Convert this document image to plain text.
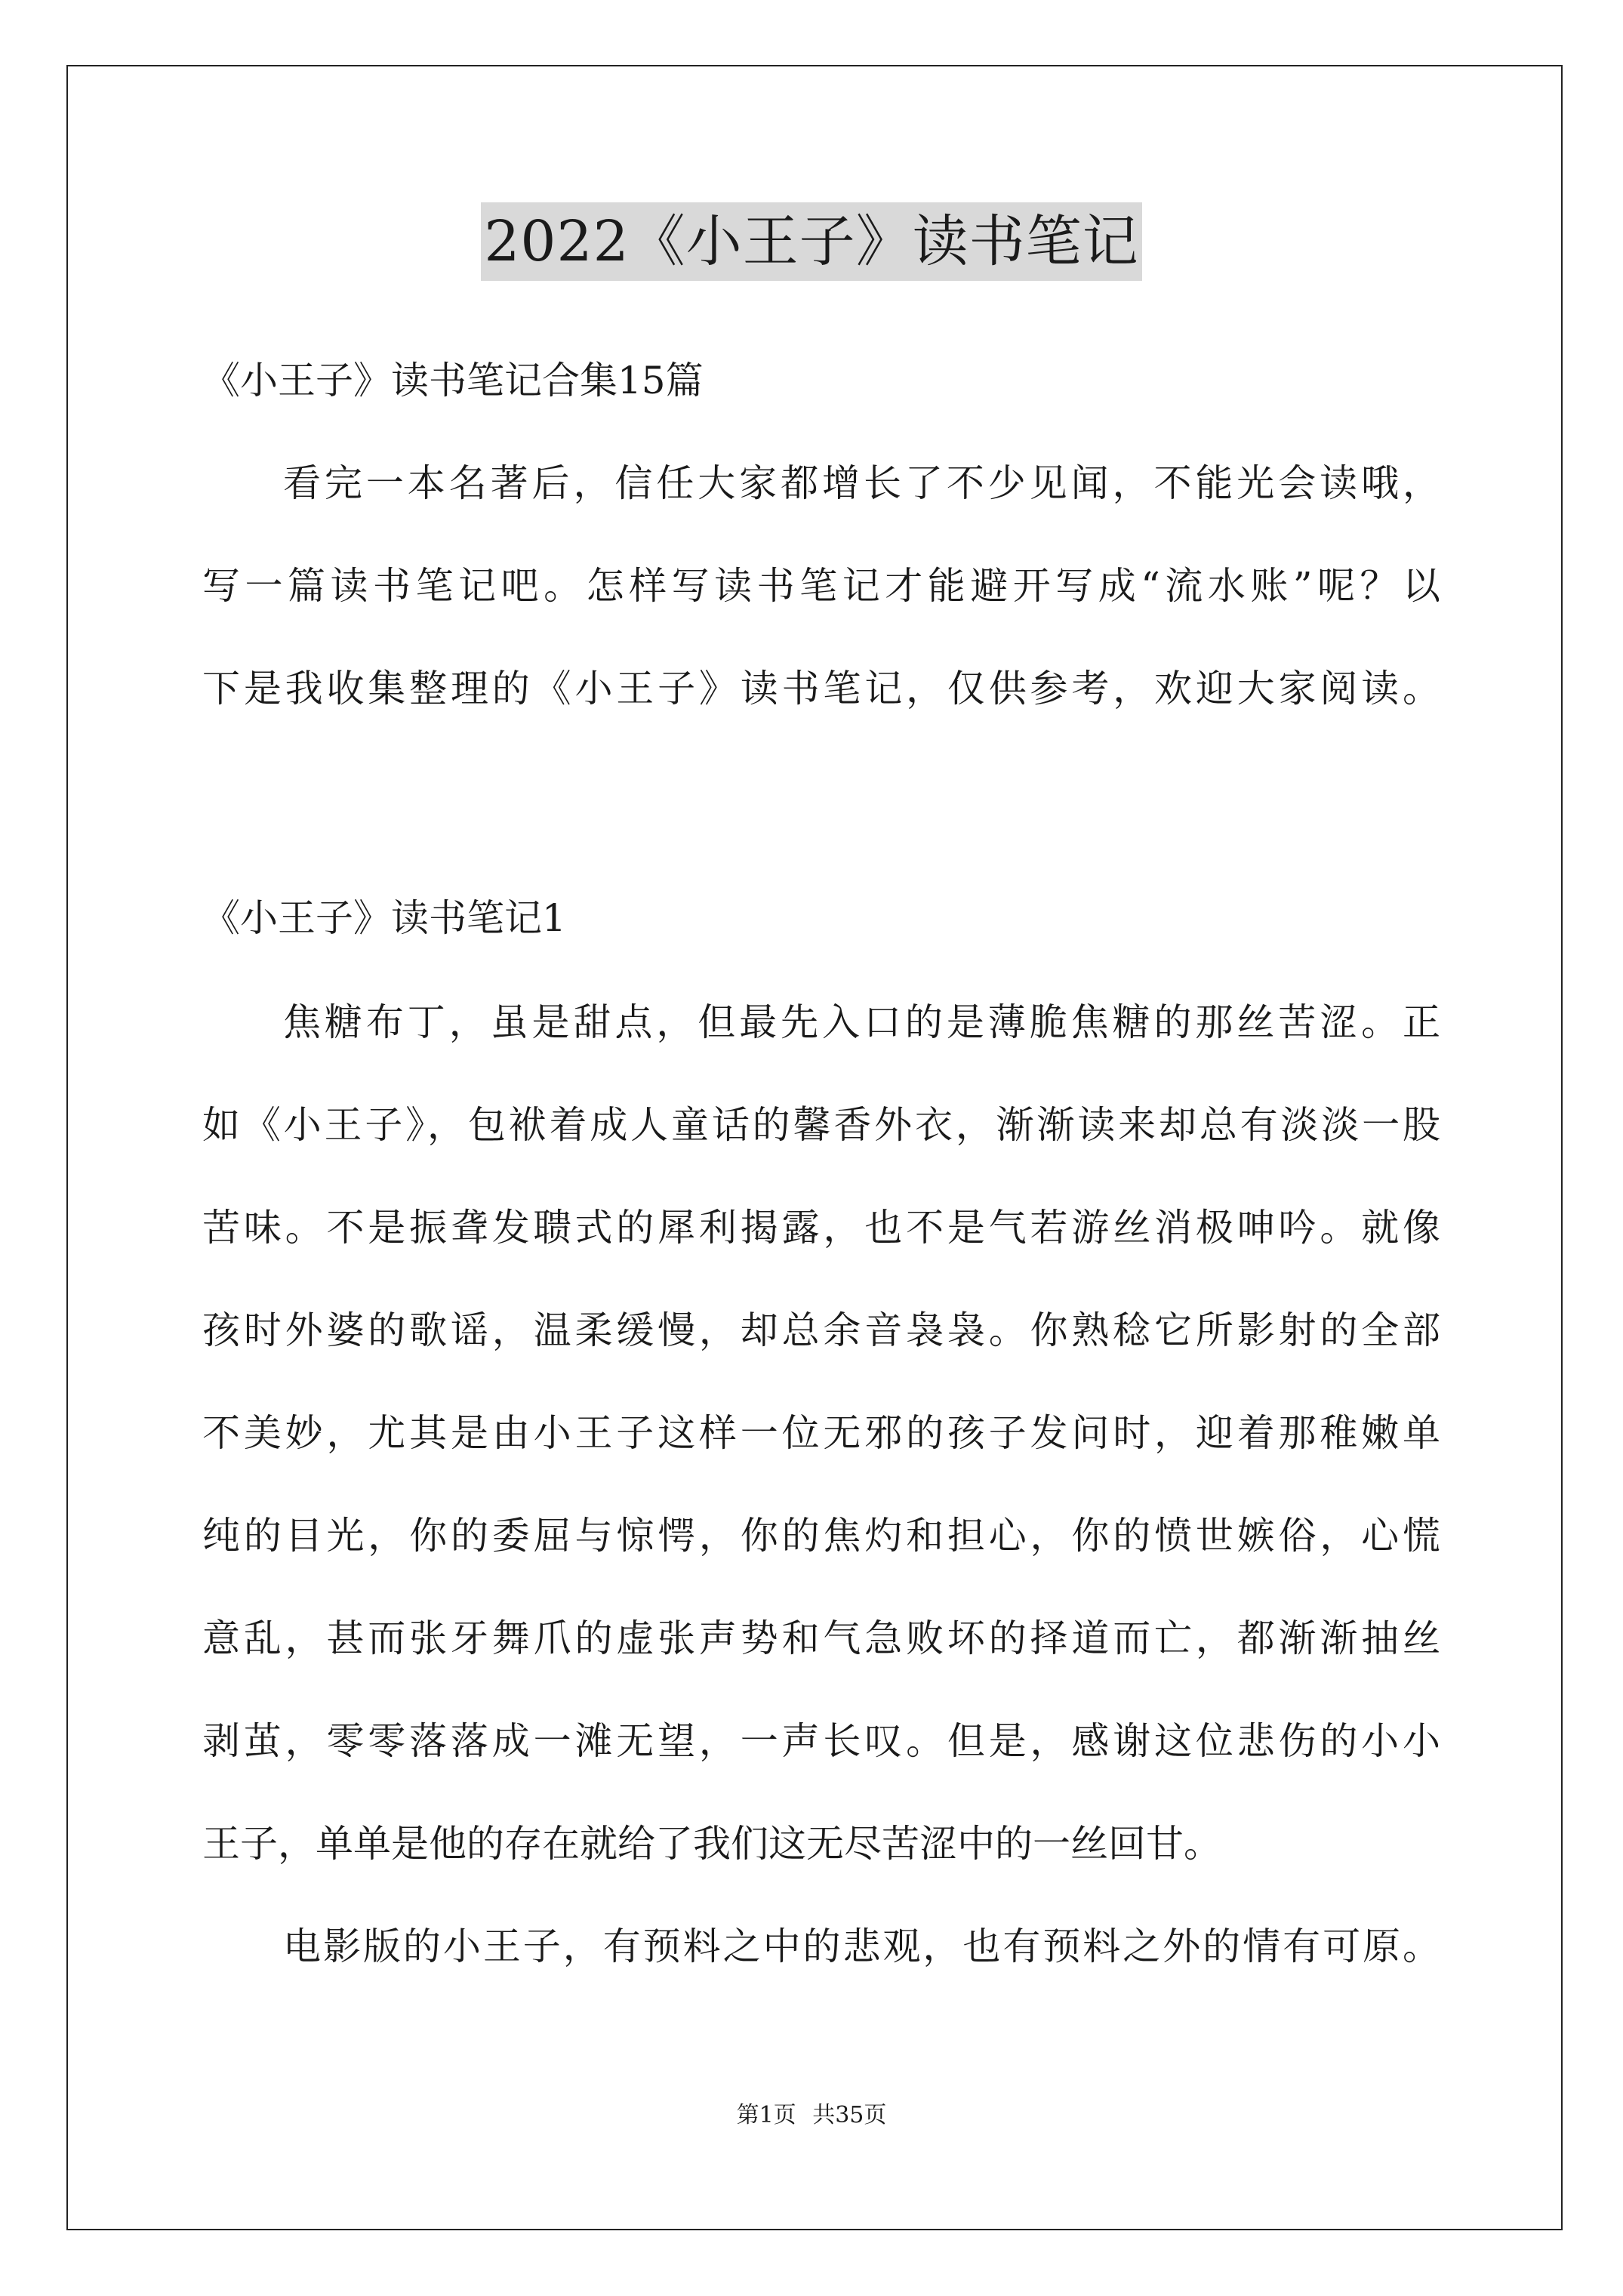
2022《小王子》读书笔记
《小王子》读书笔记合集15篇
看完一本名著后，信任大家都增长了不少见闻，不能光会读哦，
写一篇读书笔记吧。怎样写读书笔记才能避开写成“流水账”呢？以
下是我收集整理的《小王子》读书笔记，仅供参考，欢迎大家阅读。
《小王子》读书笔记1
焦糖布丁，虽是甜点，但最先入口的是薄脆焦糖的那丝苦涩。正
如《小王子》，包袱着成人童话的馨香外衣，渐渐读来却总有淡淡一股
苦味。不是振聋发聩式的犀利揭露，也不是气若游丝消极呻吟。就像
孩时外婆的歌谣，温柔缓慢，却总余音袅袅。你熟稔它所影射的全部
不美妙，尤其是由小王子这样一位无邪的孩子发问时，迎着那稚嫩单
纯的目光，你的委屈与惊愕，你的焦灼和担心，你的愤世嫉俗，心慌
意乱，甚而张牙舞爪的虚张声势和气急败坏的择道而亡，都渐渐抽丝
剥茧，零零落落成一滩无望，一声长叹。但是，感谢这位悲伤的小小
王子，单单是他的存在就给了我们这无尽苦涩中的一丝回甘。
电影版的小王子，有预料之中的悲观，也有预料之外的情有可原。
第1页 共35页
